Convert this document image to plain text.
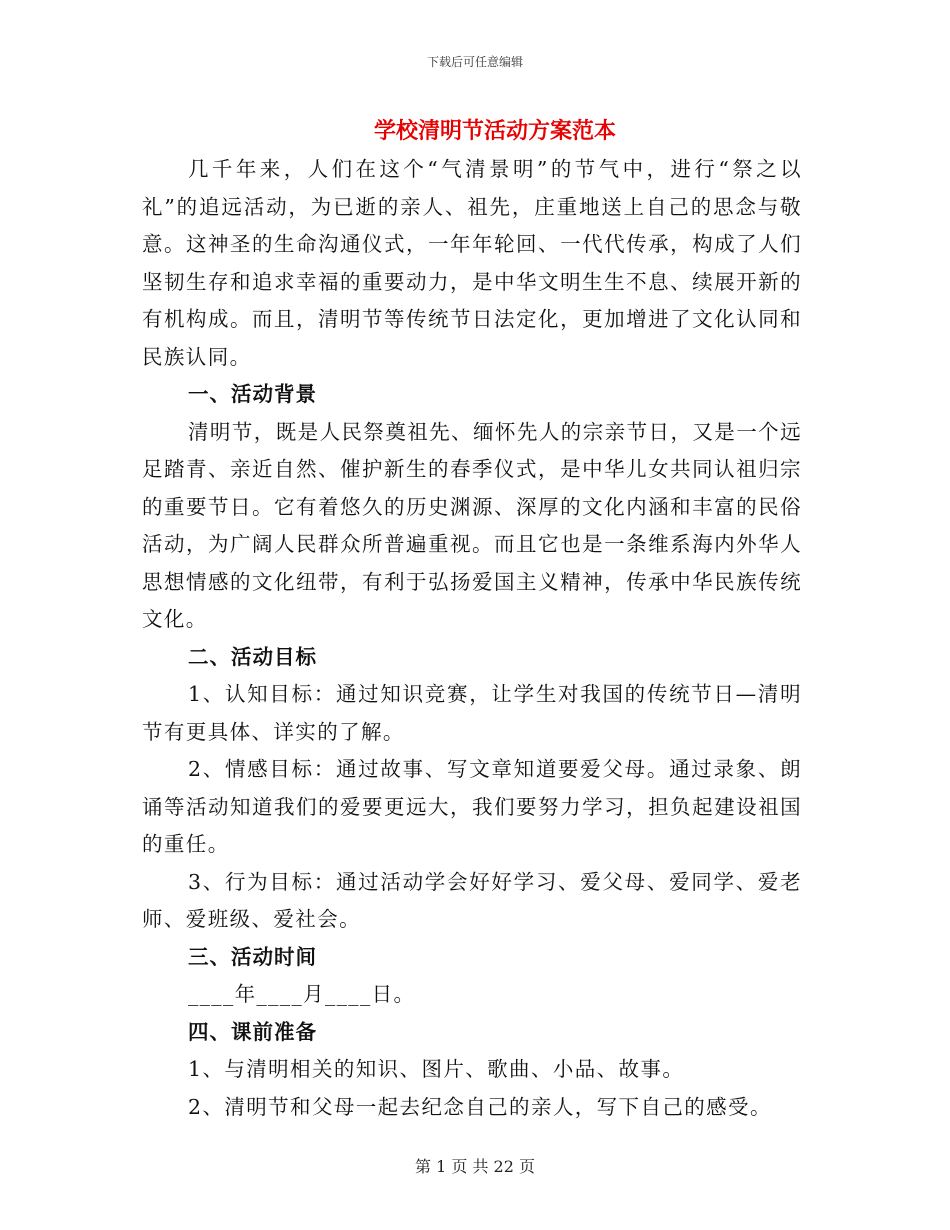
下载后可任意编辑
学校清明节活动方案范本

几千年来，人们在这个“气清景明”的节气中，进行“祭之以礼”的追远活动，为已逝的亲人、祖先，庄重地送上自己的思念与敬意。这神圣的生命沟通仪式，一年年轮回、一代代传承，构成了人们坚韧生存和追求幸福的重要动力，是中华文明生生不息、续展开新的有机构成。而且，清明节等传统节日法定化，更加增进了文化认同和民族认同。

一、活动背景

清明节，既是人民祭奠祖先、缅怀先人的宗亲节日，又是一个远足踏青、亲近自然、催护新生的春季仪式，是中华儿女共同认祖归宗的重要节日。它有着悠久的历史渊源、深厚的文化内涵和丰富的民俗活动，为广阔人民群众所普遍重视。而且它也是一条维系海内外华人思想情感的文化纽带，有利于弘扬爱国主义精神，传承中华民族传统文化。

二、活动目标

1、认知目标：通过知识竞赛，让学生对我国的传统节日—清明节有更具体、详实的了解。

2、情感目标：通过故事、写文章知道要爱父母。通过录象、朗诵等活动知道我们的爱要更远大，我们要努力学习，担负起建设祖国的重任。

3、行为目标：通过活动学会好好学习、爱父母、爱同学、爱老师、爱班级、爱社会。

三、活动时间

____年____月____日。

四、课前准备

1、与清明相关的知识、图片、歌曲、小品、故事。

2、清明节和父母一起去纪念自己的亲人，写下自己的感受。

第 1 页 共 22 页
